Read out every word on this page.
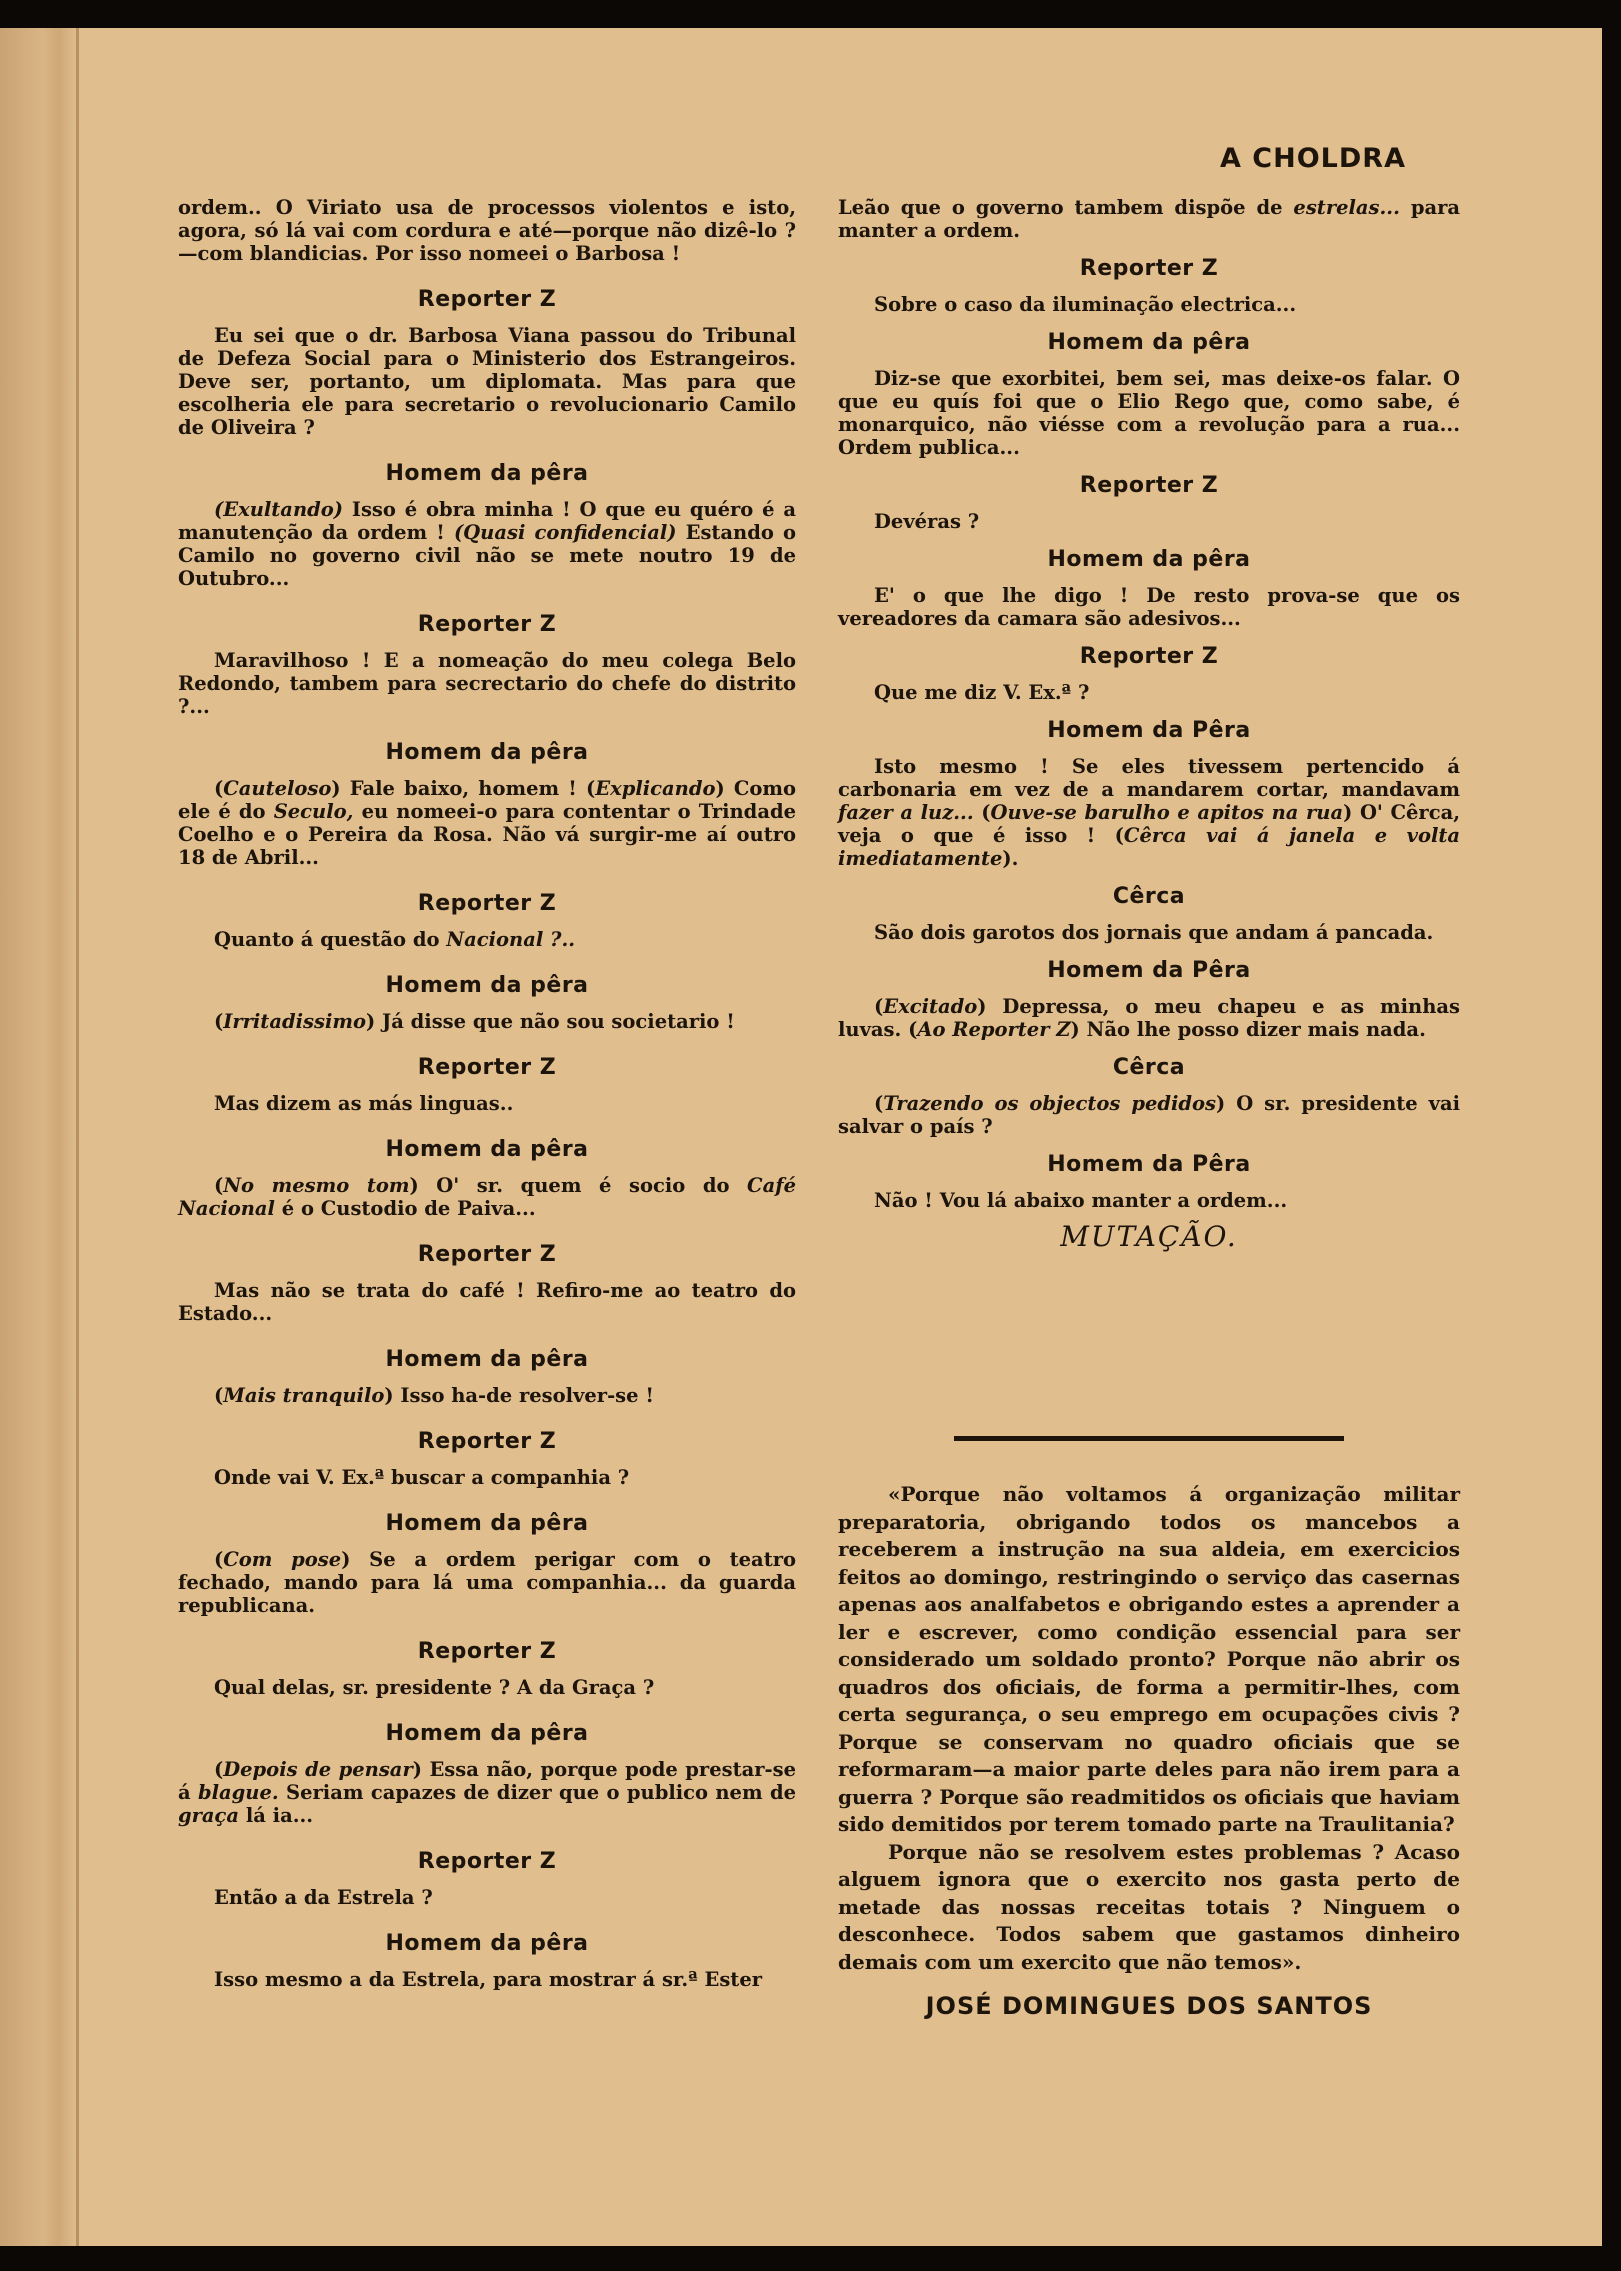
A CHOLDRA

ordem.. O Viriato usa de processos violentos e isto, agora, só lá vai com cordura e até—porque não dizê-lo ?—com blandicias. Por isso nomeei o Barbosa !

Reporter Z

Eu sei que o dr. Barbosa Viana passou do Tribunal de Defeza Social para o Ministerio dos Estrangeiros. Deve ser, portanto, um diplomata. Mas para que escolheria ele para secretario o revolucionario Camilo de Oliveira ?

Homem da pêra

(Exultando) Isso é obra minha ! O que eu quéro é a manutenção da ordem ! (Quasi confidencial) Estando o Camilo no governo civil não se mete noutro 19 de Outubro...

Reporter Z

Maravilhoso ! E a nomeação do meu colega Belo Redondo, tambem para secrectario do chefe do distrito ?...

Homem da pêra

(Cauteloso) Fale baixo, homem ! (Explicando) Como ele é do Seculo, eu nomeei-o para contentar o Trindade Coelho e o Pereira da Rosa. Não vá surgir-me aí outro 18 de Abril...

Reporter Z

Quanto á questão do Nacional ?..

Homem da pêra

(Irritadissimo) Já disse que não sou societario !

Reporter Z

Mas dizem as más linguas..

Homem da pêra

(No mesmo tom) O' sr. quem é socio do Café Nacional é o Custodio de Paiva...

Reporter Z

Mas não se trata do café ! Refiro-me ao teatro do Estado...

Homem da pêra

(Mais tranquilo) Isso ha-de resolver-se !

Reporter Z

Onde vai V. Ex.ª buscar a companhia ?

Homem da pêra

(Com pose) Se a ordem perigar com o teatro fechado, mando para lá uma companhia... da guarda republicana.

Reporter Z

Qual delas, sr. presidente ? A da Graça ?

Homem da pêra

(Depois de pensar) Essa não, porque pode prestar-se á blague. Seriam capazes de dizer que o publico nem de graça lá ia...

Reporter Z

Então a da Estrela ?

Homem da pêra

Isso mesmo a da Estrela, para mostrar á sr.ª Ester

Leão que o governo tambem dispõe de estrelas... para manter a ordem.

Reporter Z

Sobre o caso da iluminação electrica...

Homem da pêra

Diz-se que exorbitei, bem sei, mas deixe-os falar. O que eu quís foi que o Elio Rego que, como sabe, é monarquico, não viésse com a revolução para a rua... Ordem publica...

Reporter Z

Devéras ?

Homem da pêra

E' o que lhe digo ! De resto prova-se que os vereadores da camara são adesivos...

Reporter Z

Que me diz V. Ex.ª ?

Homem da Pêra

Isto mesmo ! Se eles tivessem pertencido á carbonaria em vez de a mandarem cortar, mandavam fazer a luz... (Ouve-se barulho e apitos na rua) O' Cêrca, veja o que é isso ! (Cêrca vai á janela e volta imediatamente).

Cêrca

São dois garotos dos jornais que andam á pancada.

Homem da Pêra

(Excitado) Depressa, o meu chapeu e as minhas luvas. (Ao Reporter Z) Não lhe posso dizer mais nada.

Cêrca

(Trazendo os objectos pedidos) O sr. presidente vai salvar o país ?

Homem da Pêra

Não ! Vou lá abaixo manter a ordem...

MUTAÇÃO.

«Porque não voltamos á organização militar preparatoria, obrigando todos os mancebos a receberem a instrução na sua aldeia, em exercicios feitos ao domingo, restringindo o serviço das casernas apenas aos analfabetos e obrigando estes a aprender a ler e escrever, como condição essencial para ser considerado um soldado pronto? Porque não abrir os quadros dos oficiais, de forma a permitir-lhes, com certa segurança, o seu emprego em ocupações civis ? Porque se conservam no quadro oficiais que se reformaram—a maior parte deles para não irem para a guerra ? Porque são readmitidos os oficiais que haviam sido demitidos por terem tomado parte na Traulitania?

Porque não se resolvem estes problemas ? Acaso alguem ignora que o exercito nos gasta perto de metade das nossas receitas totais ? Ninguem o desconhece. Todos sabem que gastamos dinheiro demais com um exercito que não temos».

JOSÉ DOMINGUES DOS SANTOS
